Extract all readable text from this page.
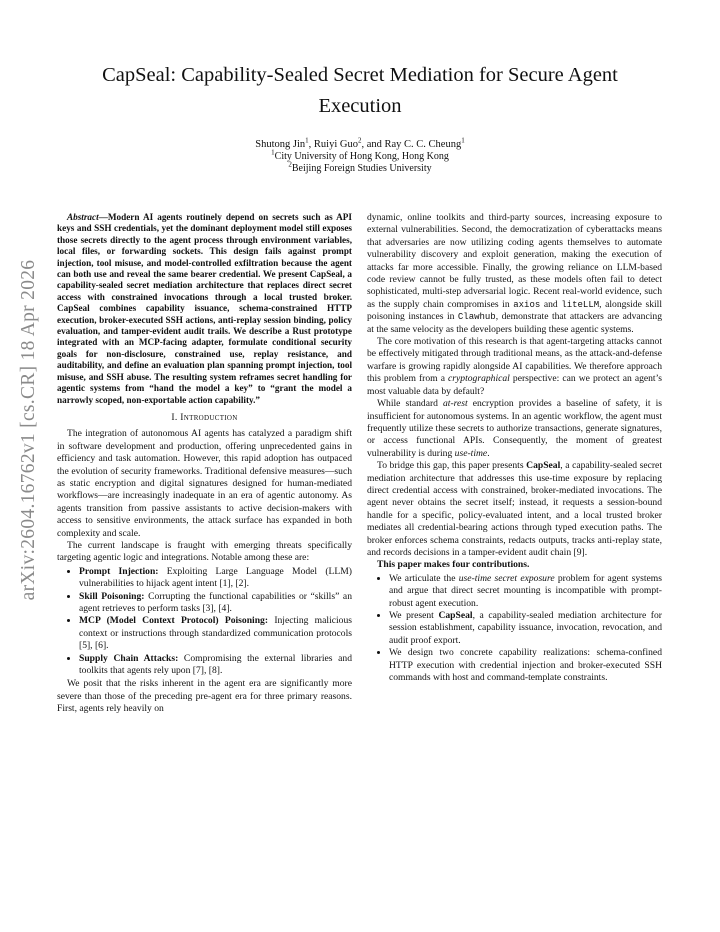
arXiv:2604.16762v1 [cs.CR] 18 Apr 2026
CapSeal: Capability-Sealed Secret Mediation for Secure Agent Execution
Shutong Jin$^1$, Ruiyi Guo$^2$, and Ray C. C. Cheung$^1$
$^1$City University of Hong Kong, Hong Kong
$^2$Beijing Foreign Studies University

Abstract—Modern AI agents routinely depend on secrets such as API keys and SSH credentials, yet the dominant deployment model still exposes those secrets directly to the agent process through environment variables, local files, or forwarding sockets. This design fails against prompt injection, tool misuse, and model-controlled exfiltration because the agent can both use and reveal the same bearer credential. We present CapSeal, a capability-sealed secret mediation architecture that replaces direct secret access with constrained invocations through a local trusted broker. CapSeal combines capability issuance, schema-constrained HTTP execution, broker-executed SSH actions, anti-replay session binding, policy evaluation, and tamper-evident audit trails. We describe a Rust prototype integrated with an MCP-facing adapter, formulate conditional security goals for non-disclosure, constrained use, replay resistance, and auditability, and define an evaluation plan spanning prompt injection, tool misuse, and SSH abuse. The resulting system reframes secret handling for agentic systems from “hand the model a key” to “grant the model a narrowly scoped, non-exportable action capability.”

I. Introduction

The integration of autonomous AI agents has catalyzed a paradigm shift in software development and production, offering unprecedented gains in efficiency and task automation. However, this rapid adoption has outpaced the evolution of security frameworks. Traditional defensive measures—such as static encryption and digital signatures designed for human-mediated workflows—are increasingly inadequate in an era of agentic autonomy. As agents transition from passive assistants to active decision-makers with access to sensitive environments, the attack surface has expanded in both complexity and scale.

The current landscape is fraught with emerging threats specifically targeting agentic logic and integrations. Notable among these are:

• Prompt Injection: Exploiting Large Language Model (LLM) vulnerabilities to hijack agent intent [1], [2].
• Skill Poisoning: Corrupting the functional capabilities or “skills” an agent retrieves to perform tasks [3], [4].
• MCP (Model Context Protocol) Poisoning: Injecting malicious context or instructions through standardized communication protocols [5], [6].
• Supply Chain Attacks: Compromising the external libraries and toolkits that agents rely upon [7], [8].

We posit that the risks inherent in the agent era are significantly more severe than those of the preceding pre-agent era for three primary reasons. First, agents rely heavily on

dynamic, online toolkits and third-party sources, increasing exposure to external vulnerabilities. Second, the democratization of cyberattacks means that adversaries are now utilizing coding agents themselves to automate vulnerability discovery and exploit generation, making the execution of attacks far more accessible. Finally, the growing reliance on LLM-based code review cannot be fully trusted, as these models often fail to detect sophisticated, multi-step adversarial logic. Recent real-world evidence, such as the supply chain compromises in axios and liteLLM, alongside skill poisoning instances in Clawhub, demonstrate that attackers are advancing at the same velocity as the developers building these agentic systems.

The core motivation of this research is that agent-targeting attacks cannot be effectively mitigated through traditional means, as the attack-and-defense warfare is growing rapidly alongside AI capabilities. We therefore approach this problem from a cryptographical perspective: can we protect an agent’s most valuable data by default?

While standard at-rest encryption provides a baseline of safety, it is insufficient for autonomous systems. In an agentic workflow, the agent must frequently utilize these secrets to authorize transactions, generate signatures, or access functional APIs. Consequently, the moment of greatest vulnerability is during use-time.

To bridge this gap, this paper presents CapSeal, a capability-sealed secret mediation architecture that addresses this use-time exposure by replacing direct credential access with constrained, broker-mediated invocations. The agent never obtains the secret itself; instead, it requests a session-bound handle for a specific, policy-evaluated intent, and a local trusted broker mediates all credential-bearing actions through typed execution paths. The broker enforces schema constraints, redacts outputs, tracks anti-replay state, and records decisions in a tamper-evident audit chain [9].

This paper makes four contributions.

• We articulate the use-time secret exposure problem for agent systems and argue that direct secret mounting is incompatible with prompt-robust agent execution.
• We present CapSeal, a capability-sealed mediation architecture for session establishment, capability issuance, invocation, revocation, and audit proof export.
• We design two concrete capability realizations: schema-confined HTTP execution with credential injection and broker-executed SSH commands with host and command-template constraints.
